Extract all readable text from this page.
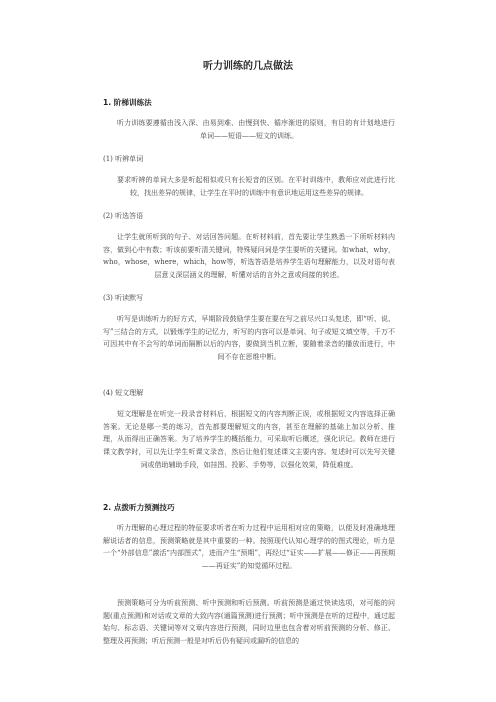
听力训练的几点做法
1. 阶梯训练法

听力训练要遵循由浅入深、由易到难、由慢到快、循序渐进的原则，有目的有计划地进行单词——短语——短文的训练。

(1) 听辨单词

要求听辨的单词大多是听起相似或只有长短音的区别。在平时训练中，教师应对此进行比较，找出差异的规律，让学生在平时的训练中有意识地运用这些差异的规律。

(2) 听选答语

让学生就所听到的句子、对话回答问题。在听材料前，首先要让学生熟悉一下所听材料内容，做到心中有数；听该前要听清关键词，特殊疑问词是学生要听的关键词。如what，why，who，whose，where，which，how等，听选答语是培养学生语句理解能力，以及对语句表层意义深层涵义的理解，听懂对话的言外之意或间接的转述。

(3) 听读默写

听写是训练听力的好方式，早期阶段鼓励学生要在要在写之前尽兴口头复述，即“听、说、写”三结合的方式，以锻炼学生的记忆力，听写的内容可以是单词、句子或短文填空等，千万不可因其中有不会写的单词而隔断以后的内容，要做到当机立断，要随着录音的播放而进行，中间不存在思维中断。

(4) 短文理解

短文理解是在听完一段录音材料后，根据短文的内容判断正误，或根据短文内容选择正确答案。无论是哪一类的练习，首先都要理解短文的内容，甚至在理解的基础上加以分析、推理，从而得出正确答案。为了培养学生的概括能力，可采取听后概述，强化识记。教师在进行课文教学时，可以先让学生听课文录音，然后让他们复述课文主要内容。复述时可以先写关键词或借助辅助手段，如挂图、投影、手势等，以强化效果，降低难度。

2. 点拨听力预测技巧

听力理解的心理过程的特征要求听者在听力过程中运用相对应的策略，以便及时准确地理解说话者的信息，预测策略就是其中重要的一种。按照现代认知心理学的的图式理论，听力是一个“外部信息”激活“内部图式”，进而产生“预期”，再经过“证实——扩展——修正——再预期——再证实”的知觉循环过程。

预测策略可分为听前预测、听中预测和听后预测。听前预测是通过快读选项，对可能的问题(重点预测)和对话或文章的大致内容(通篇预测)进行预测；听中预测是在听的过程中，通过起始句、标志语、关键词等对文章内容进行预测，同时边里也包含着对听前预测的分析、修正、整理及再预测；听后预测一般是对听后仍有疑问或漏听的信息的
